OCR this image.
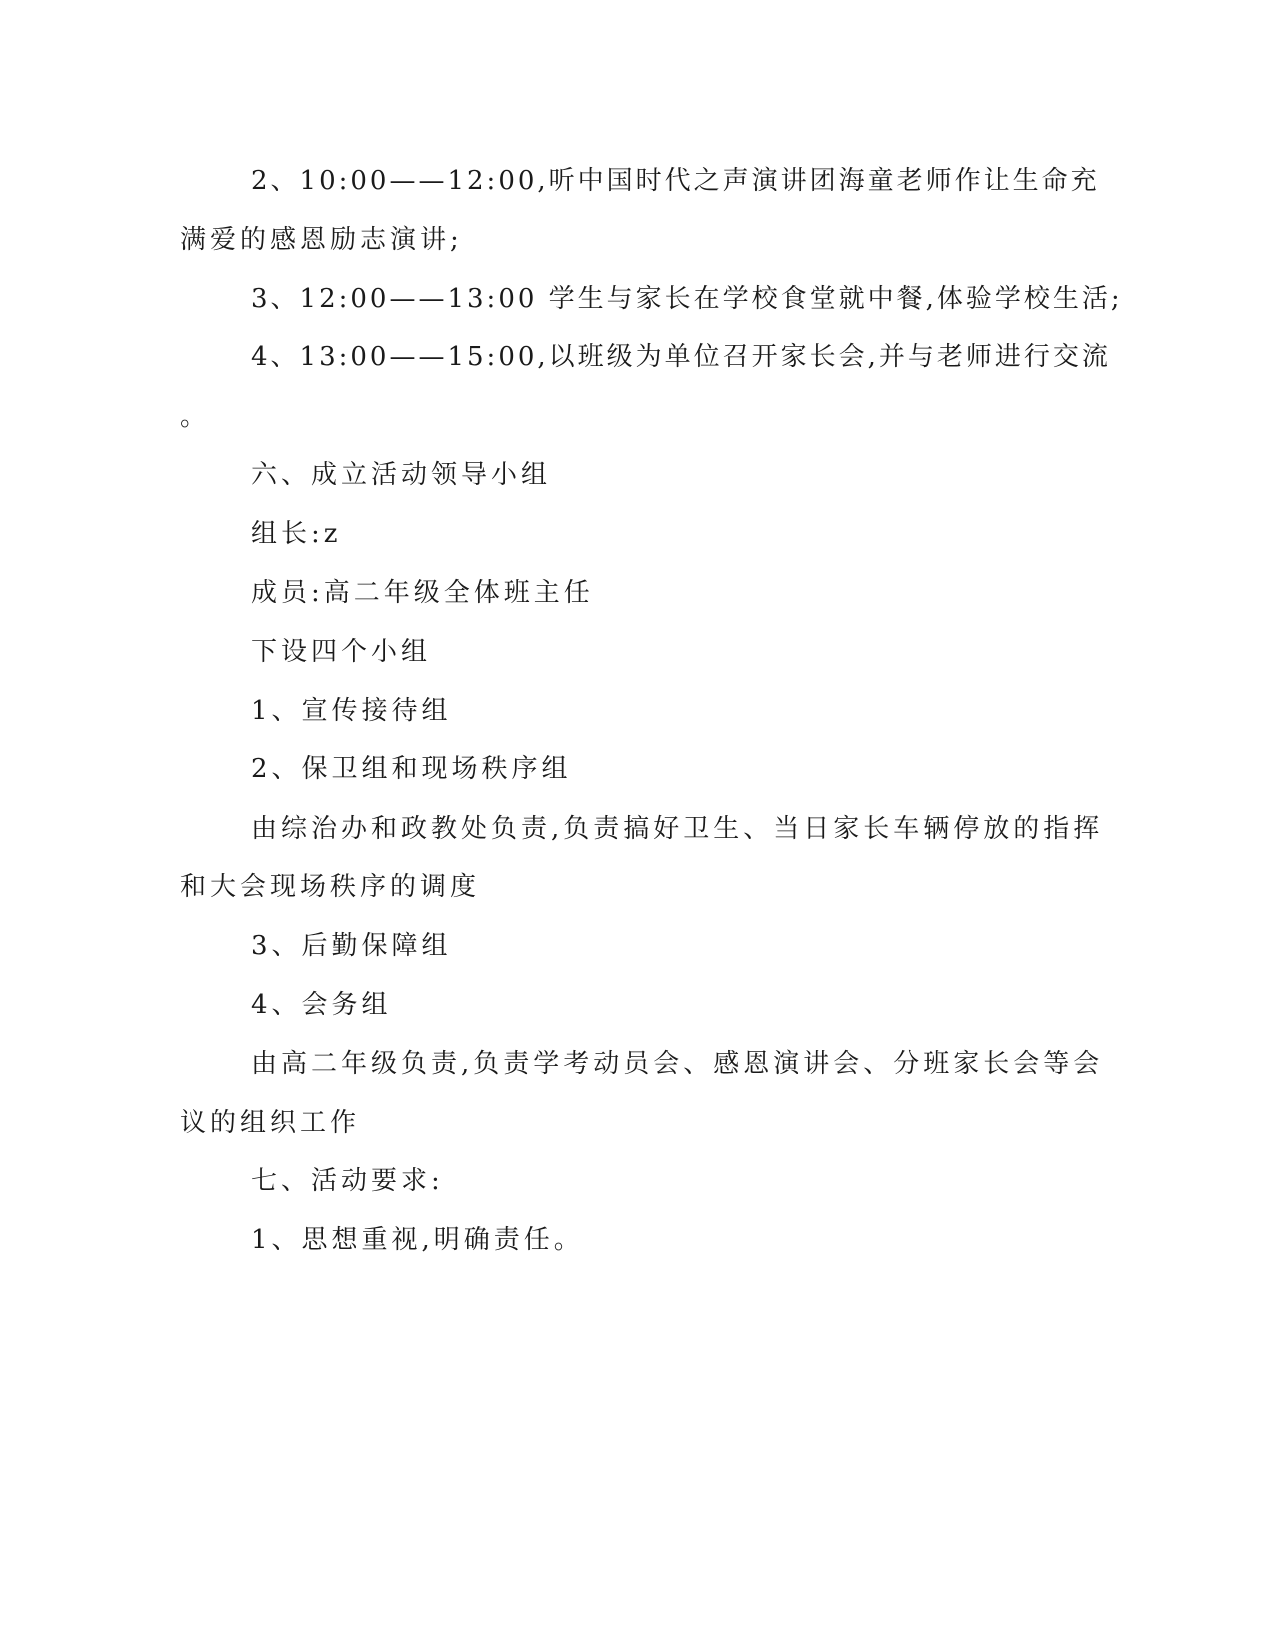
2、10:00——12:00,听中国时代之声演讲团海童老师作让生命充
满爱的感恩励志演讲;
3、12:00——13:00 学生与家长在学校食堂就中餐,体验学校生活;
4、13:00——15:00,以班级为单位召开家长会,并与老师进行交流
。
六、成立活动领导小组
组长:z
成员:高二年级全体班主任
下设四个小组
1、宣传接待组
2、保卫组和现场秩序组
由综治办和政教处负责,负责搞好卫生、当日家长车辆停放的指挥
和大会现场秩序的调度
3、后勤保障组
4、会务组
由高二年级负责,负责学考动员会、感恩演讲会、分班家长会等会
议的组织工作
七、活动要求:
1、思想重视,明确责任。
